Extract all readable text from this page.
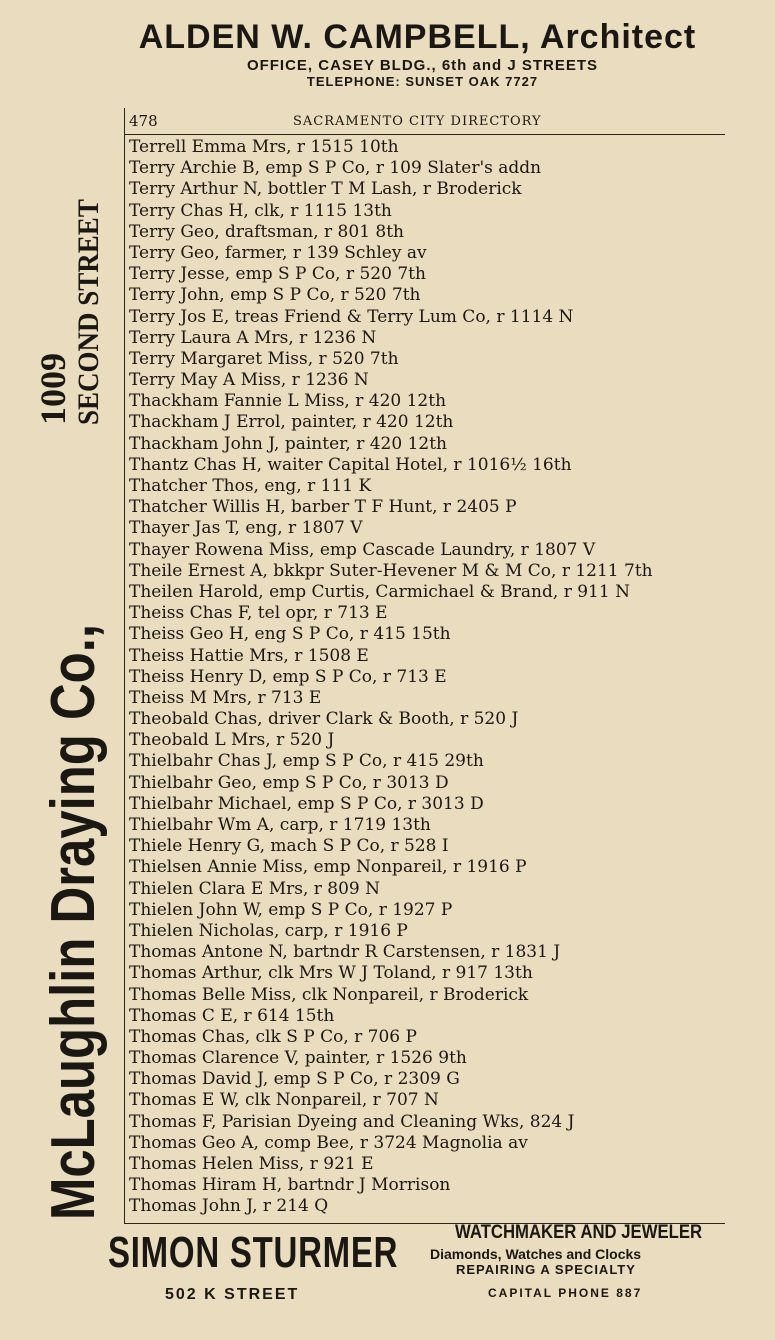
ALDEN W. CAMPBELL, Architect
OFFICE, CASEY BLDG., 6th and J STREETS
TELEPHONE: SUNSET OAK 7727
McLaughlin Draying Co.,
1009 SECOND STREET
478	SACRAMENTO CITY DIRECTORY
Terrell Emma Mrs, r 1515 10th
Terry Archie B, emp S P Co, r 109 Slater's addn
Terry Arthur N, bottler T M Lash, r Broderick
Terry Chas H, clk, r 1115 13th
Terry Geo, draftsman, r 801 8th
Terry Geo, farmer, r 139 Schley av
Terry Jesse, emp S P Co, r 520 7th
Terry John, emp S P Co, r 520 7th
Terry Jos E, treas Friend & Terry Lum Co, r 1114 N
Terry Laura A Mrs, r 1236 N
Terry Margaret Miss, r 520 7th
Terry May A Miss, r 1236 N
Thackham Fannie L Miss, r 420 12th
Thackham J Errol, painter, r 420 12th
Thackham John J, painter, r 420 12th
Thantz Chas H, waiter Capital Hotel, r 1016½ 16th
Thatcher Thos, eng, r 111 K
Thatcher Willis H, barber T F Hunt, r 2405 P
Thayer Jas T, eng, r 1807 V
Thayer Rowena Miss, emp Cascade Laundry, r 1807 V
Theile Ernest A, bkkpr Suter-Hevener M & M Co, r 1211 7th
Theilen Harold, emp Curtis, Carmichael & Brand, r 911 N
Theiss Chas F, tel opr, r 713 E
Theiss Geo H, eng S P Co, r 415 15th
Theiss Hattie Mrs, r 1508 E
Theiss Henry D, emp S P Co, r 713 E
Theiss M Mrs, r 713 E
Theobald Chas, driver Clark & Booth, r 520 J
Theobald L Mrs, r 520 J
Thielbahr Chas J, emp S P Co, r 415 29th
Thielbahr Geo, emp S P Co, r 3013 D
Thielbahr Michael, emp S P Co, r 3013 D
Thielbahr Wm A, carp, r 1719 13th
Thiele Henry G, mach S P Co, r 528 I
Thielsen Annie Miss, emp Nonpareil, r 1916 P
Thielen Clara E Mrs, r 809 N
Thielen John W, emp S P Co, r 1927 P
Thielen Nicholas, carp, r 1916 P
Thomas Antone N, bartndr R Carstensen, r 1831 J
Thomas Arthur, clk Mrs W J Toland, r 917 13th
Thomas Belle Miss, clk Nonpareil, r Broderick
Thomas C E, r 614 15th
Thomas Chas, clk S P Co, r 706 P
Thomas Clarence V, painter, r 1526 9th
Thomas David J, emp S P Co, r 2309 G
Thomas E W, clk Nonpareil, r 707 N
Thomas F, Parisian Dyeing and Cleaning Wks, 824 J
Thomas Geo A, comp Bee, r 3724 Magnolia av
Thomas Helen Miss, r 921 E
Thomas Hiram H, bartndr J Morrison
Thomas John J, r 214 Q
SIMON STURMER	WATCHMAKER AND JEWELER
Diamonds, Watches and Clocks
REPAIRING A SPECIALTY
502 K STREET	CAPITAL PHONE 887
